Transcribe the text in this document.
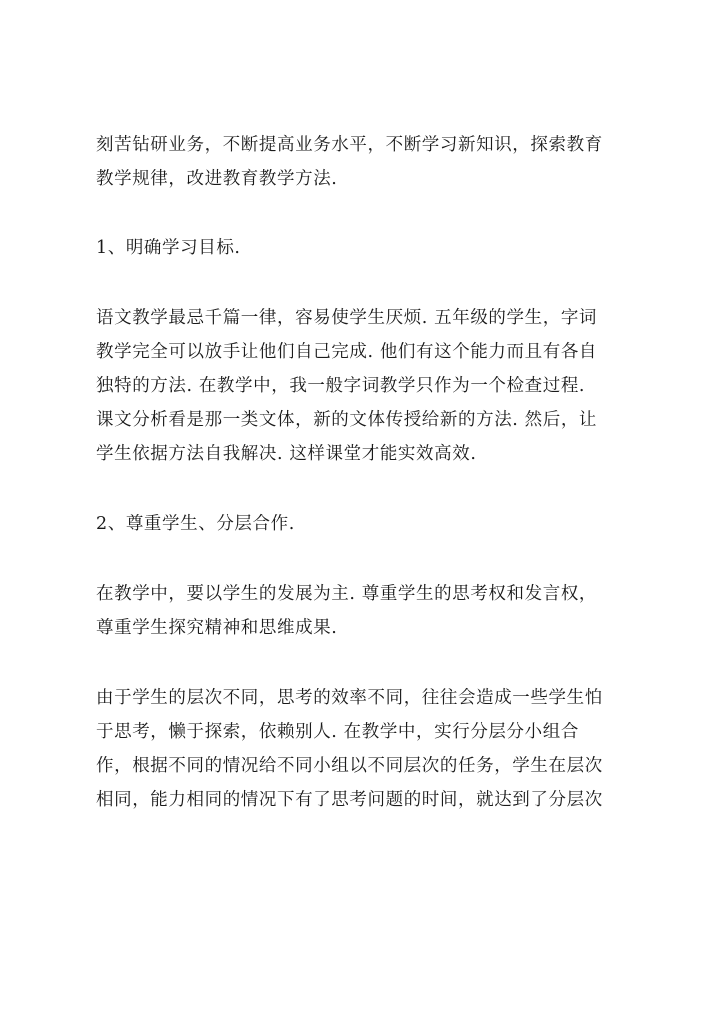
刻苦钻研业务，不断提高业务水平，不断学习新知识，探索教育
教学规律，改进教育教学方法.

1、明确学习目标.

语文教学最忌千篇一律，容易使学生厌烦. 五年级的学生，字词
教学完全可以放手让他们自己完成. 他们有这个能力而且有各自
独特的方法. 在教学中，我一般字词教学只作为一个检查过程.
课文分析看是那一类文体，新的文体传授给新的方法. 然后，让
学生依据方法自我解决. 这样课堂才能实效高效.

2、尊重学生、分层合作.

在教学中，要以学生的发展为主. 尊重学生的思考权和发言权，
尊重学生探究精神和思维成果.

由于学生的层次不同，思考的效率不同，往往会造成一些学生怕
于思考，懒于探索，依赖别人. 在教学中，实行分层分小组合
作，根据不同的情况给不同小组以不同层次的任务，学生在层次
相同，能力相同的情况下有了思考问题的时间，就达到了分层次
